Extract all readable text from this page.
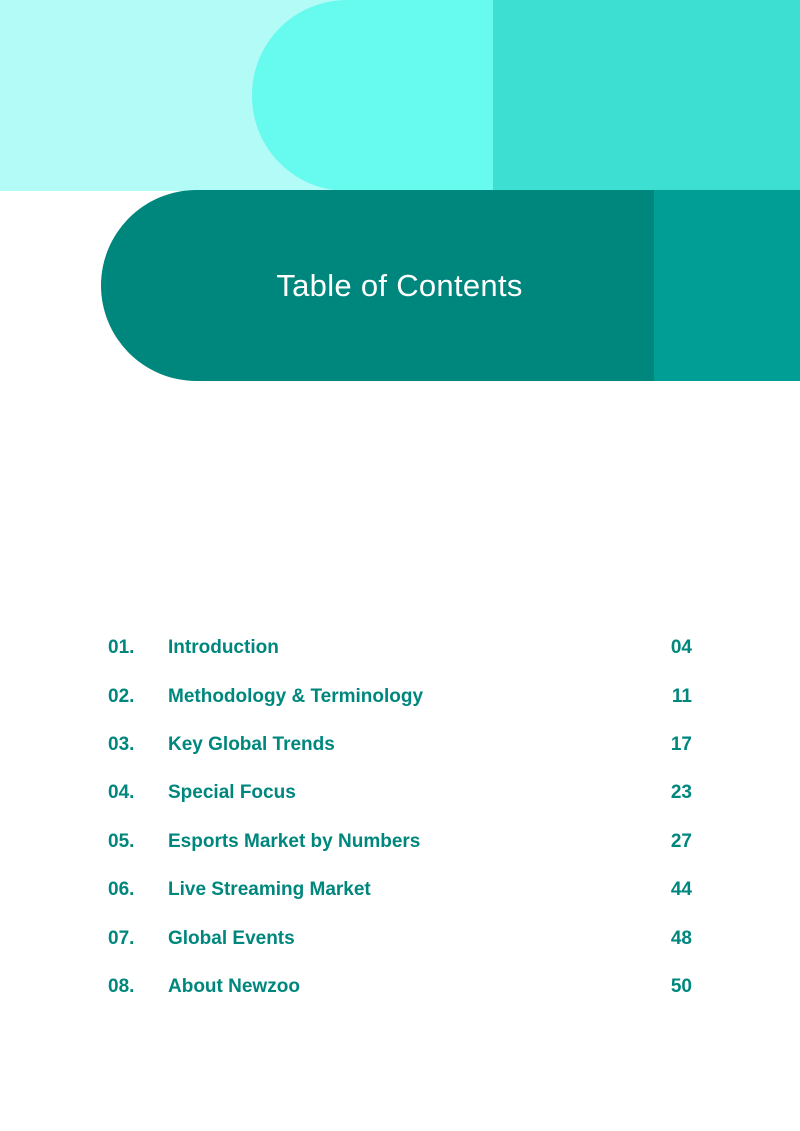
Table of Contents
01.	Introduction	04
02.	Methodology & Terminology	11
03.	Key Global Trends	17
04.	Special Focus	23
05.	Esports Market by Numbers	27
06.	Live Streaming Market	44
07.	Global Events	48
08.	About Newzoo	50
